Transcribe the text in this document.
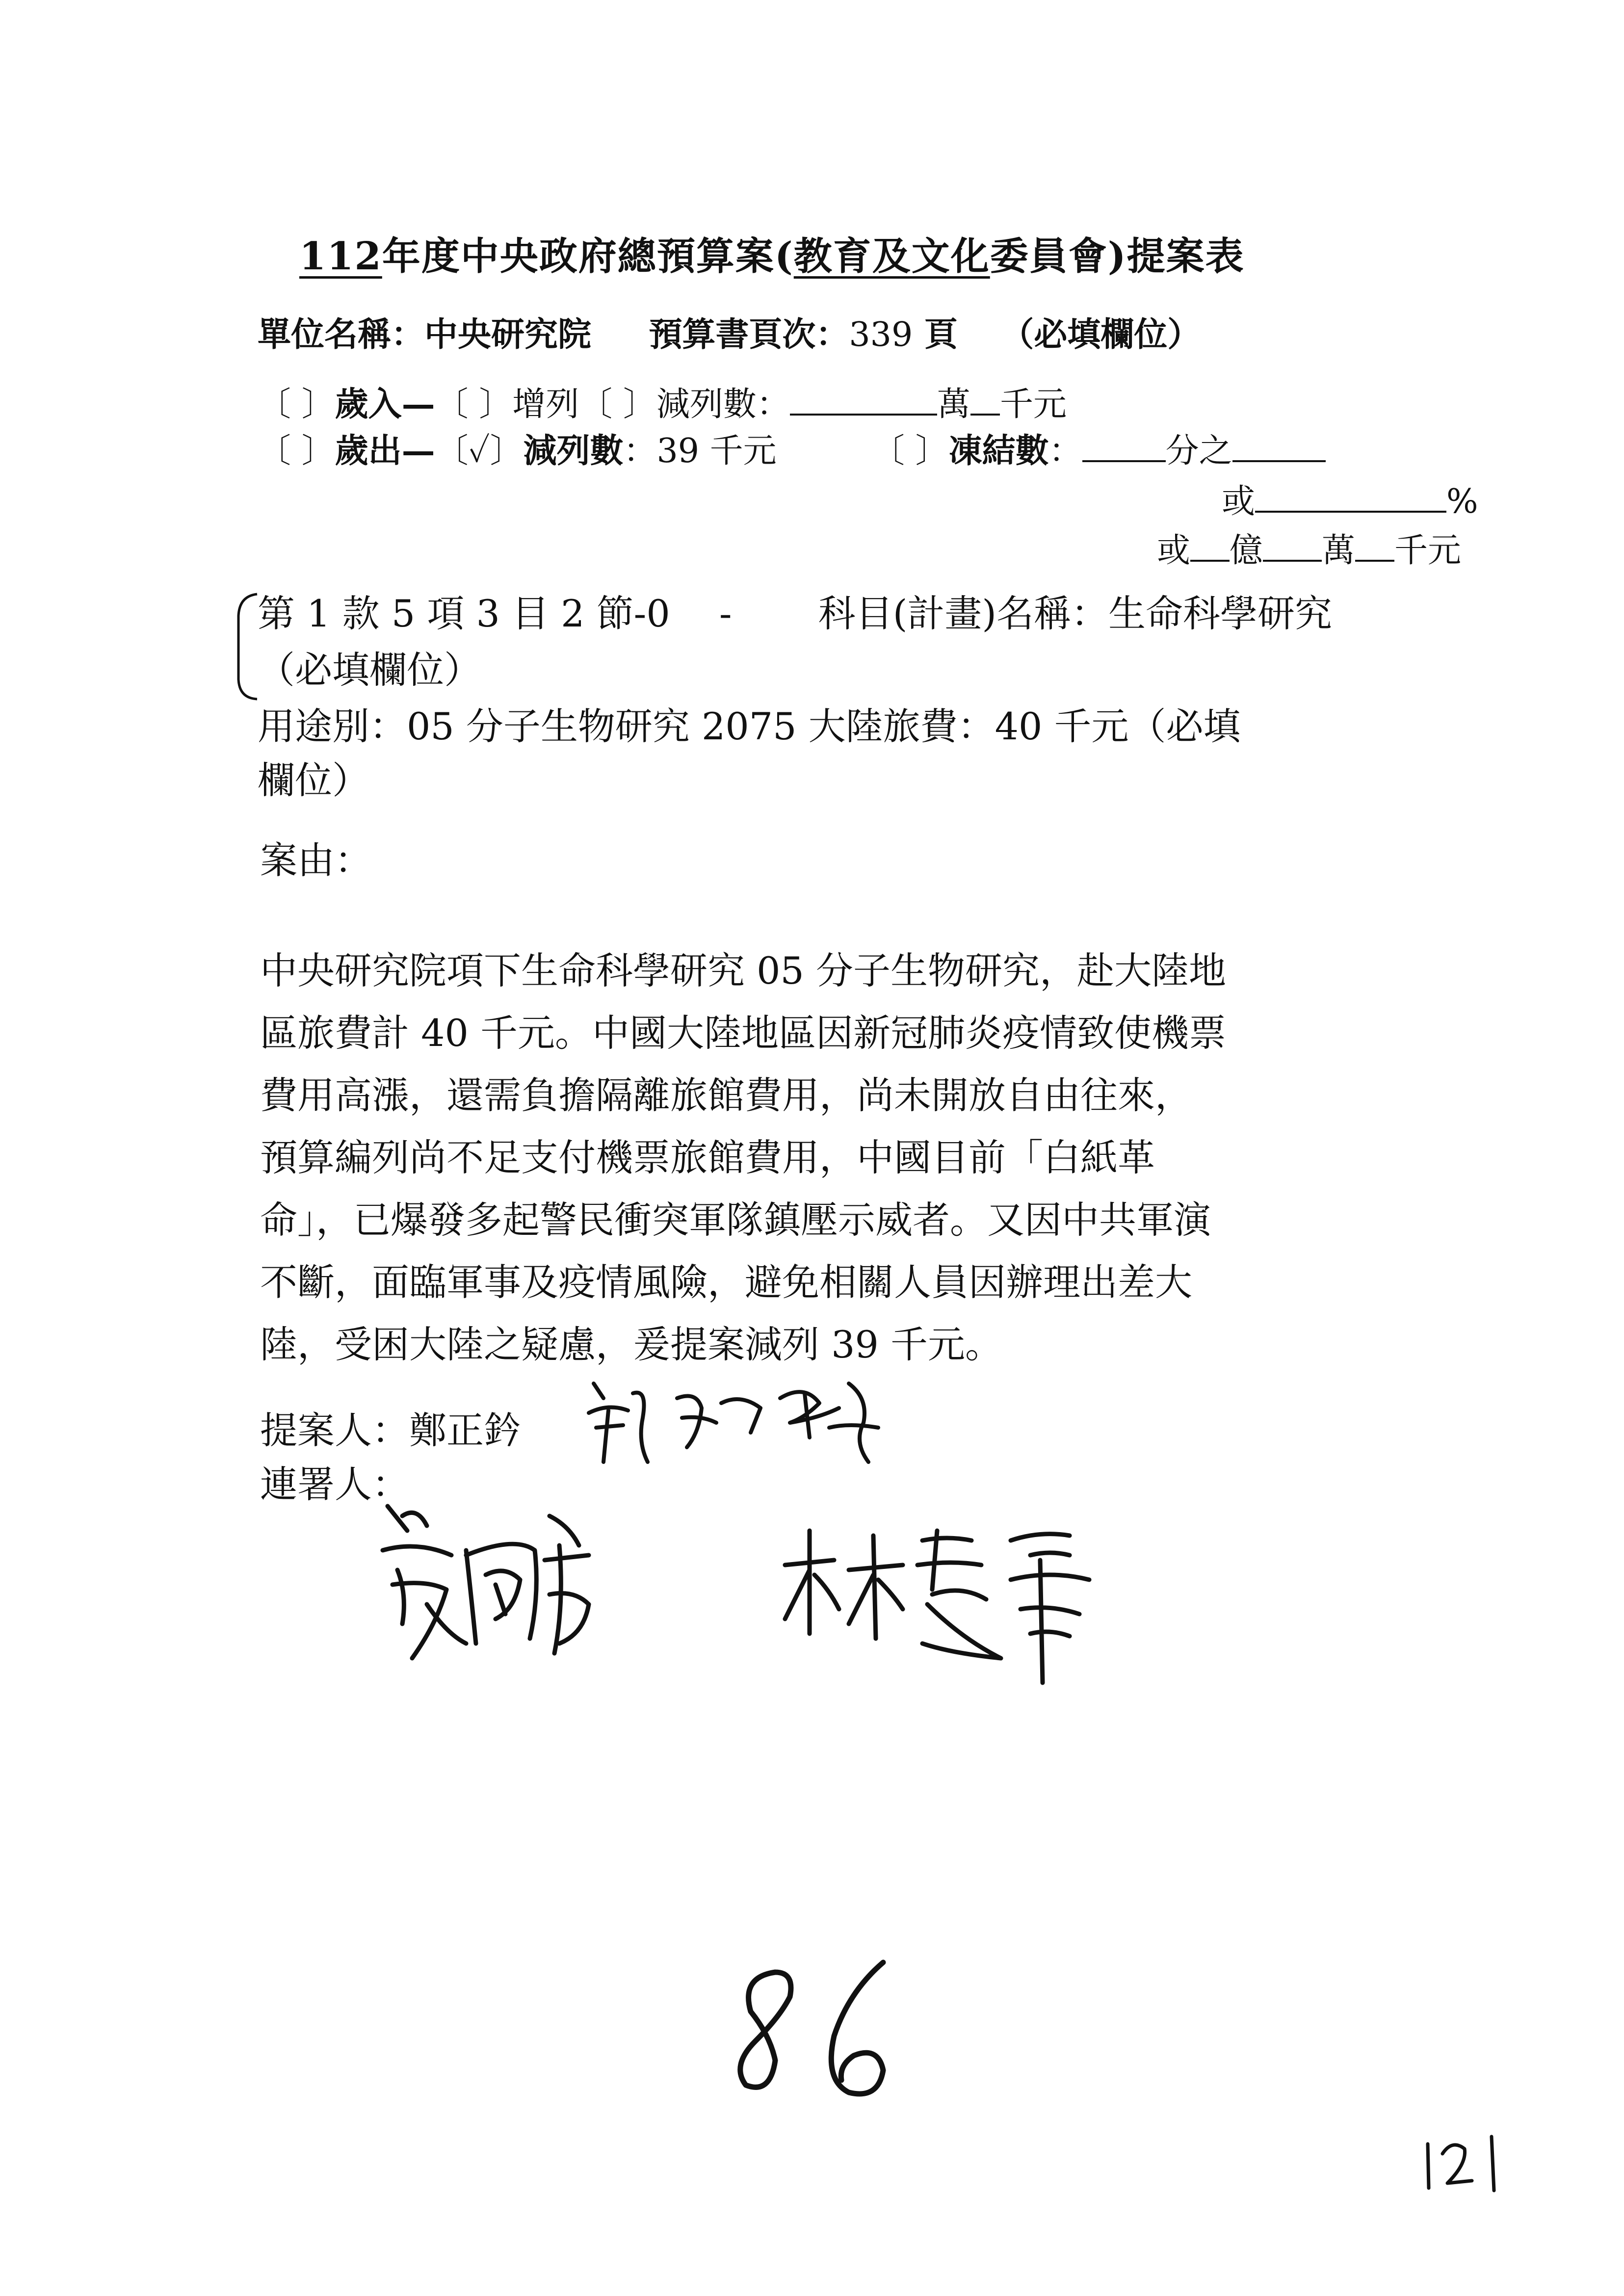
112年度中央政府總預算案(教育及文化委員會)提案表
單位名稱：中央研究院 預算書頁次：339 頁 （必填欄位）
〔 〕歲入—〔 〕增列〔 〕減列數：	萬 千元
〔 〕歲出—〔✓〕減列數：39 千元	〔 〕凍結數：	分之
或	%
或 億 萬 千元
第 1 款 5 項 3 目 2 節-0　 -　　 科目(計畫)名稱：生命科學研究
（必填欄位）
用途別：05 分子生物研究 2075 大陸旅費：40 千元（必填
欄位）
案由：
中央研究院項下生命科學研究 05 分子生物研究，赴大陸地
區旅費計 40 千元。中國大陸地區因新冠肺炎疫情致使機票
費用高漲，還需負擔隔離旅館費用，尚未開放自由往來，
預算編列尚不足支付機票旅館費用，中國目前「白紙革
命」，已爆發多起警民衝突軍隊鎮壓示威者。又因中共軍演
不斷，面臨軍事及疫情風險，避免相關人員因辦理出差大
陸，受困大陸之疑慮，爰提案減列 39 千元。
提案人：鄭正鈐
連署人：
86
121
